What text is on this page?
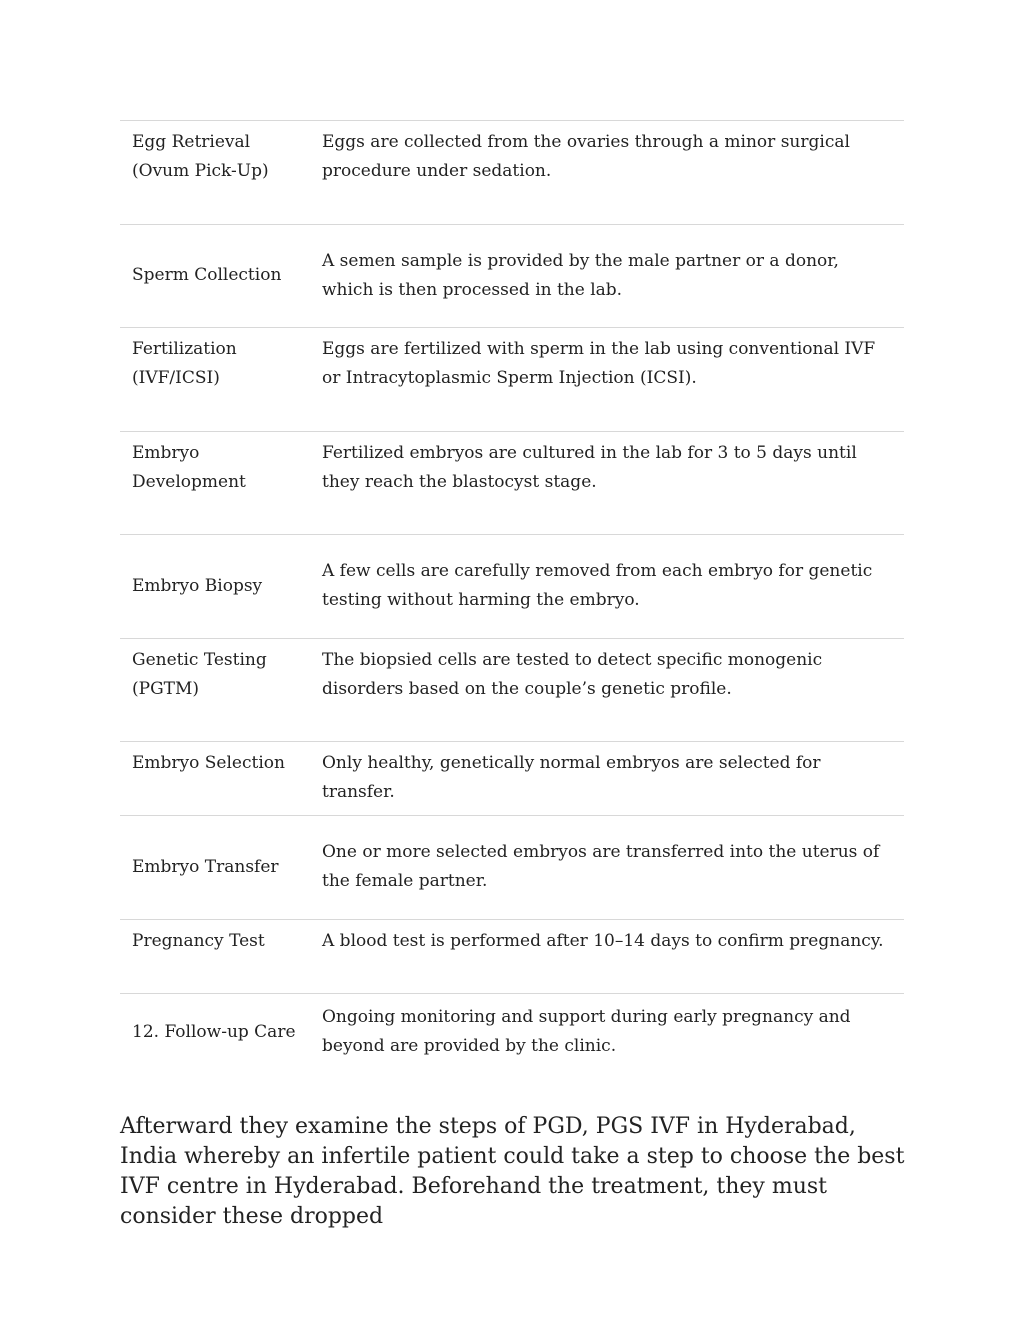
Egg Retrieval (Ovum Pick-Up)
Eggs are collected from the ovaries through a minor surgical procedure under sedation.
Sperm Collection
A semen sample is provided by the male partner or a donor, which is then processed in the lab.
Fertilization (IVF/ICSI)
Eggs are fertilized with sperm in the lab using conventional IVF or Intracytoplasmic Sperm Injection (ICSI).
Embryo Development
Fertilized embryos are cultured in the lab for 3 to 5 days until they reach the blastocyst stage.
Embryo Biopsy
A few cells are carefully removed from each embryo for genetic testing without harming the embryo.
Genetic Testing (PGTM)
The biopsied cells are tested to detect specific monogenic disorders based on the couple’s genetic profile.
Embryo Selection Only healthy, genetically normal embryos are selected for transfer.
Embryo Transfer
One or more selected embryos are transferred into the uterus of the female partner.
Pregnancy Test	A blood test is performed after 10–14 days to confirm pregnancy.
12. Follow-up Care
Ongoing monitoring and support during early pregnancy and beyond are provided by the clinic.

Afterward they examine the steps of PGD, PGS IVF in Hyderabad, India whereby an infertile patient could take a step to choose the best IVF centre in Hyderabad. Beforehand the treatment, they must consider these dropped
